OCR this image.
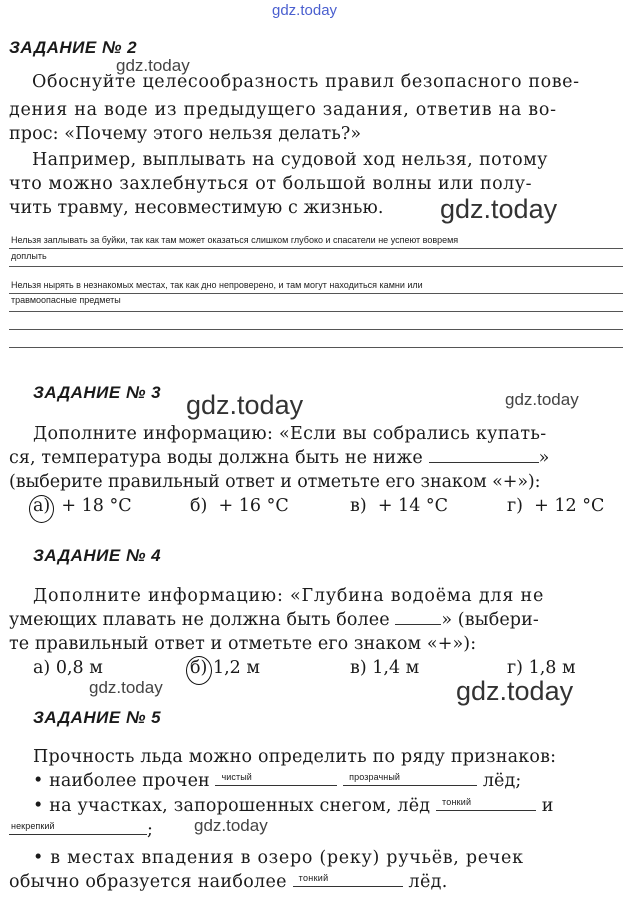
gdz.today
gdz.today
gdz.today
gdz.today	gdz.today
gdz.today	gdz.today
gdz.today
ЗАДАНИЕ № 2
Обоснуйте целесообразность правил безопасного пове-
дения на воде из предыдущего задания, ответив на во-
прос: «Почему этого нельзя делать?»
Например, выплывать на судовой ход нельзя, потому
что можно захлебнуться от большой волны или полу-
чить травму, несовместимую с жизнью.
Нельзя заплывать за буйки, так как там может оказаться слишком глубоко и спасатели не успеют вовремя
доплыть
Нельзя нырять в незнакомых местах, так как дно непроверено, и там могут находиться камни или
травмоопасные предметы
ЗАДАНИЕ № 3
Дополните информацию: «Если вы собрались купать-
ся, температура воды должна быть не ниже	»
(выберите правильный ответ и отметьте его знаком «+»):
а) + 18 °С	б) + 16 °С	в) + 14 °С	г) + 12 °С
ЗАДАНИЕ № 4
Дополните информацию: «Глубина водоёма для не
умеющих плавать не должна быть более	» (выбери-
те правильный ответ и отметьте его знаком «+»):
а) 0,8 м	б) 1,2 м	в) 1,4 м	г) 1,8 м
ЗАДАНИЕ № 5
Прочность льда можно определить по ряду признаков:
• наиболее прочен чистый
	прозрачный	лёд;
• на участках, запорошенных снегом, лёд тонкий	и
некрепкий	;
• в местах впадения в озеро (реку) ручьёв, речек
обычно образуется наиболее тонкий	лёд.
